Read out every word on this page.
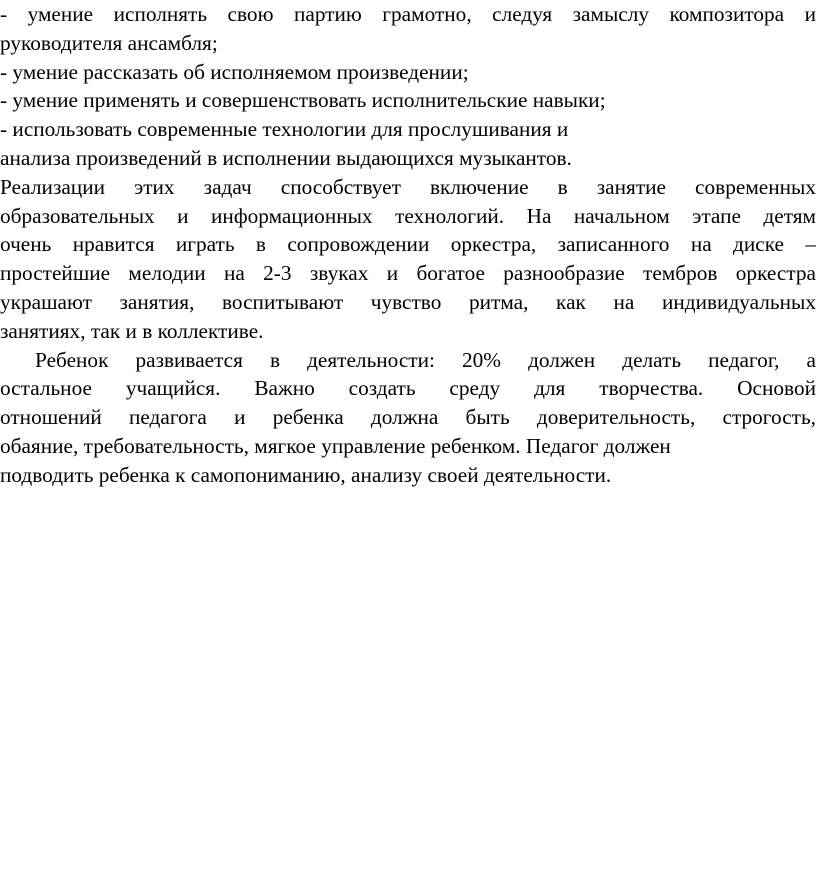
- умение исполнять свою партию грамотно, следуя замыслу композитора и
руководителя ансамбля;
- умение рассказать об исполняемом произведении;
- умение применять и совершенствовать исполнительские навыки;
- использовать современные технологии для прослушивания и
анализа произведений в исполнении выдающихся музыкантов.
Реализации этих задач способствует включение в занятие современных
образовательных и информационных технологий. На начальном этапе детям
очень нравится играть в сопровождении оркестра, записанного на диске –
простейшие мелодии на 2-3 звуках и богатое разнообразие тембров оркестра
украшают занятия, воспитывают чувство ритма, как на индивидуальных
занятиях, так и в коллективе.
Ребенок развивается в деятельности: 20% должен делать педагог, а
остальное учащийся. Важно создать среду для творчества. Основой
отношений педагога и ребенка должна быть доверительность, строгость,
обаяние, требовательность, мягкое управление ребенком. Педагог должен
подводить ребенка к самопониманию, анализу своей деятельности.
